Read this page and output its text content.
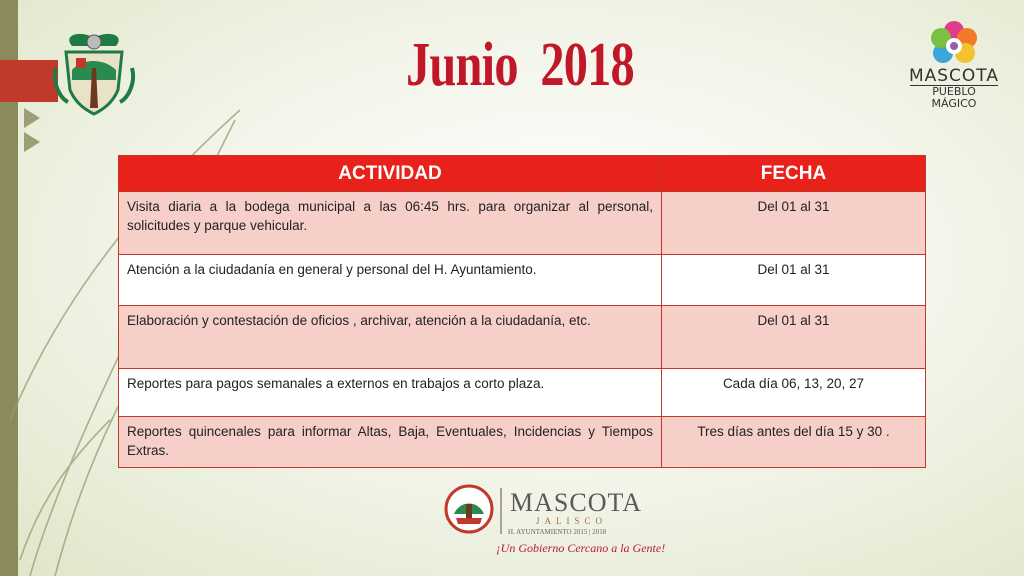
Junio  2018	MASCOTA
PUEBLO MÁGICO
ACTIVIDAD	FECHA
Visita diaria a la bodega municipal a las 06:45 hrs. para organizar al personal, solicitudes y parque vehicular.	Del 01 al 31
Atención a la ciudadanía en general y personal del H. Ayuntamiento.	Del 01 al 31
Elaboración y contestación de oficios , archivar, atención a la ciudadanía, etc.	Del 01 al 31
Reportes para pagos semanales a externos en trabajos a corto plaza.	Cada día 06, 13, 20, 27
Reportes quincenales para informar Altas, Baja, Eventuales, Incidencias y Tiempos Extras.	Tres días antes del día 15 y 30 .
MASCOTA
JALISCO
H. AYUNTAMIENTO 2015 | 2018
¡Un Gobierno Cercano a la Gente!
